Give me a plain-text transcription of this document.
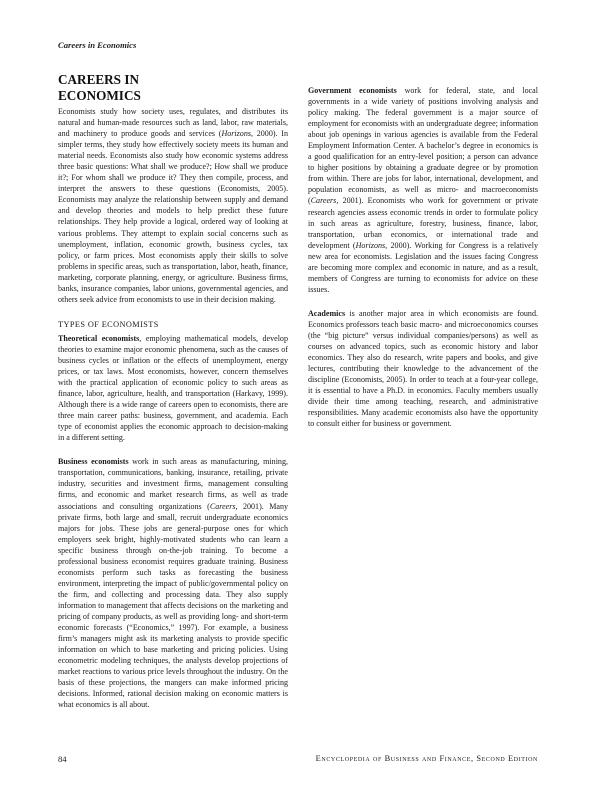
Careers in Economics
CAREERS IN
ECONOMICS

Economists study how society uses, regulates, and distributes its natural and human-made resources such as land, labor, raw materials, and machinery to produce goods and services (Horizons, 2000). In simpler terms, they study how effectively society meets its human and material needs. Economists also study how economic systems address three basic questions: What shall we produce?; How shall we produce it?; For whom shall we produce it? They then compile, process, and interpret the answers to these questions (Economists, 2005). Economists may analyze the relationship between supply and demand and develop theories and models to help predict these future relationships. They help provide a logical, ordered way of looking at various problems. They attempt to explain social concerns such as unemployment, inflation, economic growth, business cycles, tax policy, or farm prices. Most economists apply their skills to solve problems in specific areas, such as transportation, labor, heath, finance, marketing, corporate planning, energy, or agriculture. Business firms, banks, insurance companies, labor unions, governmental agencies, and others seek advice from economists to use in their decision making.

TYPES OF ECONOMISTS

Theoretical economists, employing mathematical models, develop theories to examine major economic phenomena, such as the causes of business cycles or inflation or the effects of unemployment, energy prices, or tax laws. Most economists, however, concern themselves with the practical application of economic policy to such areas as finance, labor, agriculture, health, and transportation (Harkavy, 1999). Although there is a wide range of careers open to economists, there are three main career paths: business, government, and academia. Each type of economist applies the economic approach to decision-making in a different setting.

Business economists work in such areas as manufacturing, mining, transportation, communications, banking, insurance, retailing, private industry, securities and investment firms, management consulting firms, and economic and market research firms, as well as trade associations and consulting organizations (Careers, 2001). Many private firms, both large and small, recruit undergraduate economics majors for jobs. These jobs are general-purpose ones for which employers seek bright, highly-motivated students who can learn a specific business through on-the-job training. To become a professional business economist requires graduate training. Business economists perform such tasks as forecasting the business environment, interpreting the impact of public/governmental policy on the firm, and collecting and processing data. They also supply information to management that affects decisions on the marketing and pricing of company products, as well as providing long- and short-term economic forecasts (“Economics,” 1997). For example, a business firm’s managers might ask its marketing analysts to provide specific information on which to base marketing and pricing policies. Using econometric modeling techniques, the analysts develop projections of market reactions to various price levels throughout the industry. On the basis of these projections, the mangers can make informed pricing decisions. Informed, rational decision making on economic matters is what economics is all about.

Government economists work for federal, state, and local governments in a wide variety of positions involving analysis and policy making. The federal government is a major source of employment for economists with an undergraduate degree; information about job openings in various agencies is available from the Federal Employment Information Center. A bachelor’s degree in economics is a good qualification for an entry-level position; a person can advance to higher positions by obtaining a graduate degree or by promotion from within. There are jobs for labor, international, development, and population economists, as well as micro- and macroeconomists (Careers, 2001). Economists who work for government or private research agencies assess economic trends in order to formulate policy in such areas as agriculture, forestry, business, finance, labor, transportation, urban economics, or international trade and development (Horizons, 2000). Working for Congress is a relatively new area for economists. Legislation and the issues facing Congress are becoming more complex and economic in nature, and as a result, members of Congress are turning to economists for advice on these issues.

Academics is another major area in which economists are found. Economics professors teach basic macro- and microeconomics courses (the “big picture” versus individual companies/persons) as well as courses on advanced topics, such as economic history and labor economics. They also do research, write papers and books, and give lectures, contributing their knowledge to the advancement of the discipline (Economists, 2005). In order to teach at a four-year college, it is essential to have a Ph.D. in economics. Faculty members usually divide their time among teaching, research, and administrative responsibilities. Many academic economists also have the opportunity to consult either for business or government.

84	Encyclopedia of Business and Finance, Second Edition
